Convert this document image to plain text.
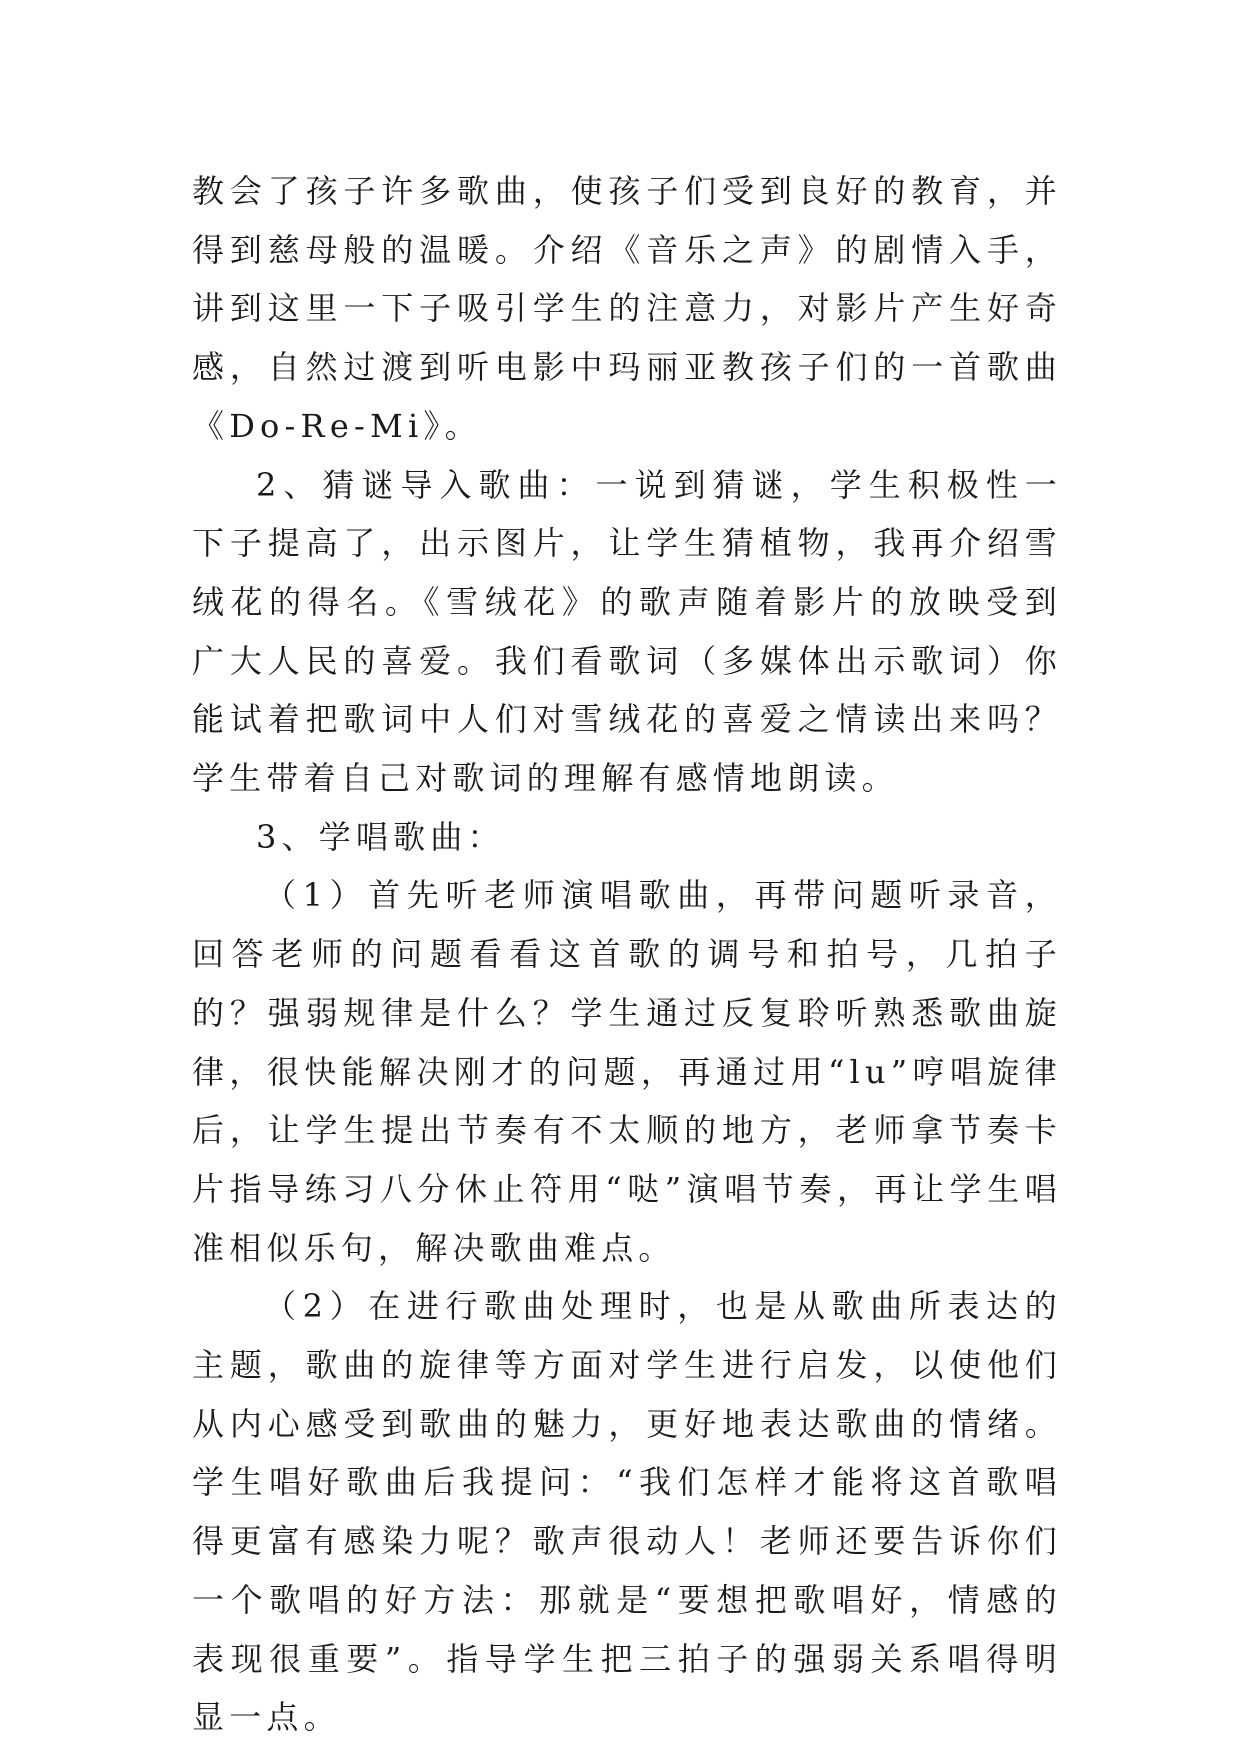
教会了孩子许多歌曲，使孩子们受到良好的教育，并得到慈母般的温暖。介绍《音乐之声》的剧情入手，讲到这里一下子吸引学生的注意力，对影片产生好奇感，自然过渡到听电影中玛丽亚教孩子们的一首歌曲《Do-Re-Mi》。

2、猜谜导入歌曲：一说到猜谜，学生积极性一下子提高了，出示图片，让学生猜植物，我再介绍雪绒花的得名。《雪绒花》的歌声随着影片的放映受到广大人民的喜爱。我们看歌词（多媒体出示歌词）你能试着把歌词中人们对雪绒花的喜爱之情读出来吗？学生带着自己对歌词的理解有感情地朗读。

3、学唱歌曲：

（1）首先听老师演唱歌曲，再带问题听录音，回答老师的问题看看这首歌的调号和拍号，几拍子的？强弱规律是什么？学生通过反复聆听熟悉歌曲旋律，很快能解决刚才的问题，再通过用“lu”哼唱旋律后，让学生提出节奏有不太顺的地方，老师拿节奏卡片指导练习八分休止符用“哒”演唱节奏，再让学生唱准相似乐句，解决歌曲难点。

（2）在进行歌曲处理时，也是从歌曲所表达的主题，歌曲的旋律等方面对学生进行启发，以使他们从内心感受到歌曲的魅力，更好地表达歌曲的情绪。学生唱好歌曲后我提问：“我们怎样才能将这首歌唱得更富有感染力呢？歌声很动人！老师还要告诉你们一个歌唱的好方法：那就是“要想把歌唱好，情感的表现很重要”。指导学生把三拍子的强弱关系唱得明显一点。
